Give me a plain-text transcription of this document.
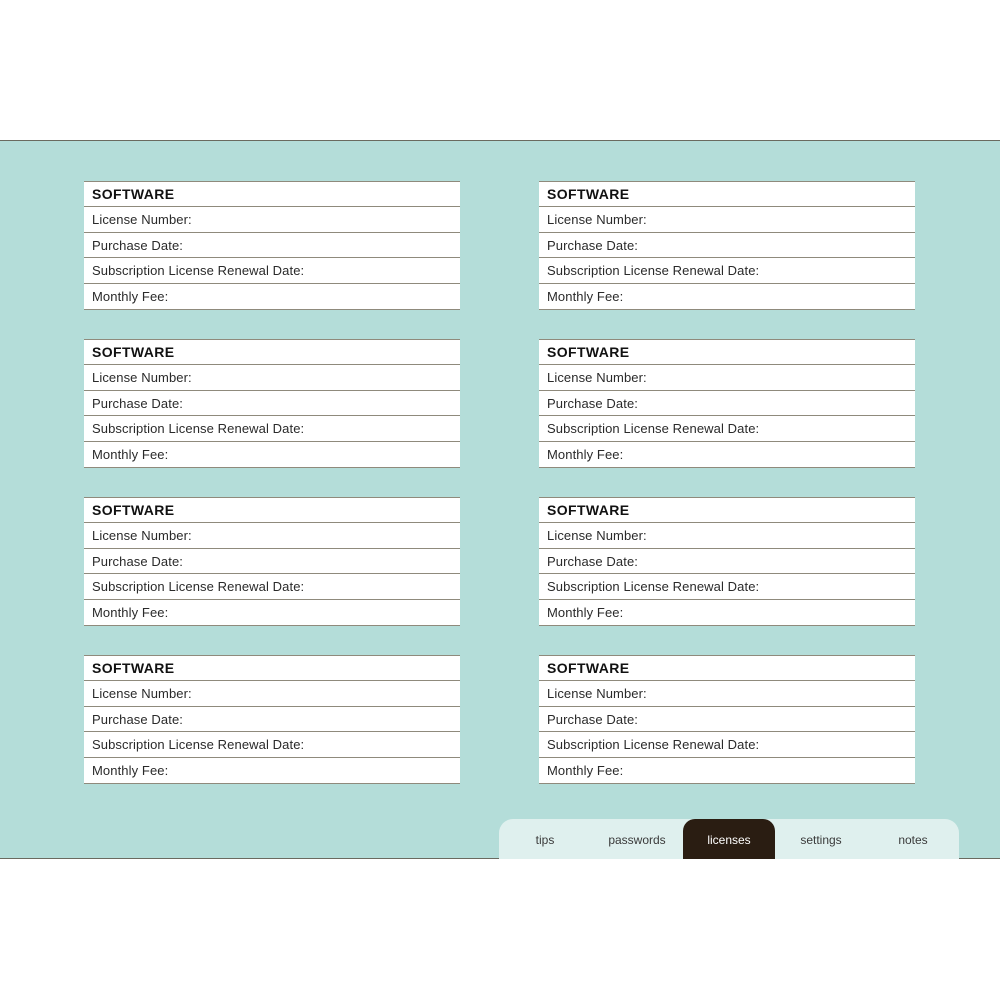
SOFTWARE
License Number:
Purchase Date:
Subscription License Renewal Date:
Monthly Fee:
SOFTWARE
License Number:
Purchase Date:
Subscription License Renewal Date:
Monthly Fee:
SOFTWARE
License Number:
Purchase Date:
Subscription License Renewal Date:
Monthly Fee:
SOFTWARE
License Number:
Purchase Date:
Subscription License Renewal Date:
Monthly Fee:
SOFTWARE
License Number:
Purchase Date:
Subscription License Renewal Date:
Monthly Fee:
SOFTWARE
License Number:
Purchase Date:
Subscription License Renewal Date:
Monthly Fee:
SOFTWARE
License Number:
Purchase Date:
Subscription License Renewal Date:
Monthly Fee:
SOFTWARE
License Number:
Purchase Date:
Subscription License Renewal Date:
Monthly Fee:
tips	passwords	licenses	settings	notes
